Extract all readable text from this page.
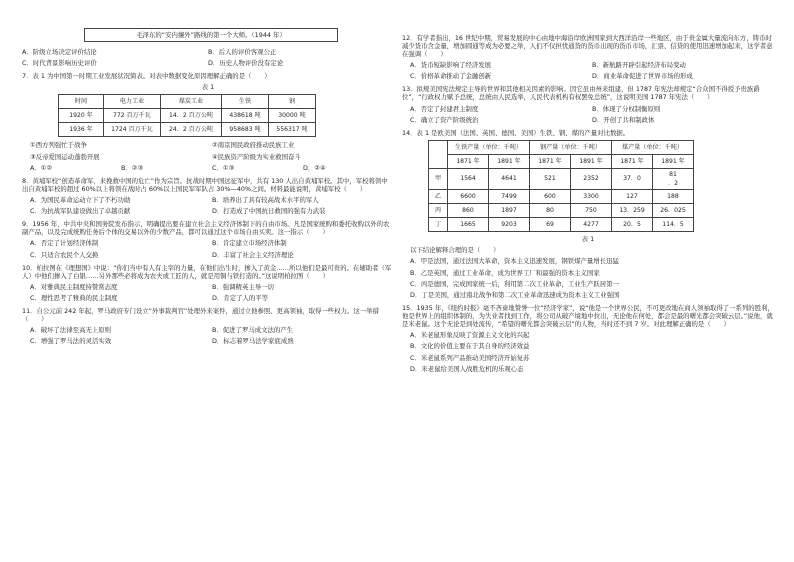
毛泽东的“安内攘外”路线的第一个大师。（1944 年）
A．阶级立场决定评价结论	B．后人的评价客观公正
C．时代背景影响历史评价	D．历史人物评价没有定论
7．表 1 为中国第一时期工业发展状况简表。对表中数据变化原因理解正确的是（　　）
表 1
时间	电力工业	煤炭工业	生铁	钢
1920 年	772 百万千瓦	14．2 百万公吨	438618 吨	30000 吨
1936 年	1724 百万千瓦	24．2 百万公吨	958683 吨	556317 吨
①西方列强忙于战争	②南京国民政府推动民族工业
③反帝爱国运动蓬勃开展	④民族资产阶级为实业救国奋斗
A．①②	B．②③	C．①③	D．②④
8．黄埔军校“创造革命军，来挽救中国的危亡”作为宗旨。抗战时期中国远征军中，共有 130 人出自黄埔军校。其中，军校将领中出自黄埔军校的超过 60%以上将领在战时占 60%以上国民军军队占 30%—40%之间。材料最能说明，黄埔军校（　　）
A．为国民革命运动立下了不朽功勋	B．培养出了具有较高战术水平的军人
C．为抗战军队建设做出了卓越贡献	D．打造成了中国抗日救国的强有力武装
9．1956 年，中共中央和国务院发布指示，明确提出要在建立社会主义经济体制下的自由市场。凡是国家统购和委托收购以外的农副产品，以及完成统购任务后个体的交易以外的少数产品，都可以通过这个市场自由买卖。这一指示（　　）
A．否定了计划经济体制	B．肯定建立市场经济体制
C．只适合农民个人交换	D．丰富了社会主义经济理论
10．柏拉图在《理想国》中说：“你们当中有人有主宰的力量，在他们出生时，掺入了黄金……所以他们是最可贵的。在辅助者（军人）中他们掺入了白银……另外那些必将成为农夫或工匠的人，就是用铜与铁打造的。”这说明柏拉图（　　）
A．对雅典民主制度持赞赏态度	B．强调精英主导一切
C．理性思考了雅典的民主制度	D．肯定了人的平等
11．自公元前 242 年起，罗马政府专门设立“外事裁判官”处理外来案件，通过立他参照、更高领袖，取得一些权力。这一举措（　　）
A．破坏了法律至高无上原则	B．促进了罗马成文法的产生
C．增强了罗马法的灵活实效	D．标志着罗马法学家底成熟
12．有学者指出，16 世纪中期，贸易发展的中心由地中海沿岸欧洲国家到大西洋沿岸一些地区，由于贵金属大量流向东方，铸币时减少货币含金量，增加圆通等成为必要之举，人们不仅担忧通货的货币出现的货币市场，汇票、信贷的使用迅速增加起来，这学者意在强调（　　）
A．货币短缺影响了经济发展	B．新航路开辟引起经济布局变动
C．价格革命推动了金融创新	D．商业革命促进了世界市场的形成
13．拟规美国宪法规定主导的世界和其他相关因素的影响。因它虽由州来组建，但 1787 年宪法却规定“合众国不得授予贵族爵位”，“行政权力赋予总统，总统由人民选举，人民代表机构有权罢免总统”，这说明美国 1787 年宪法（　　）
A．否定了封建君主制度	B．体现了分权制衡原则
C．确立了资产阶级统治	D．开创了共和制政体
14．表 1 是欧美国（法国、英国、德国、美国）生铁、钢、煤的产量对比数据。
	生铁产量（单位：千吨）		钢产量（单位：千吨）		煤产量（单位：千吨）	
	1871 年	1891 年	1871 年	1891 年	1871 年	1891 年
甲	1564	4641	521	2352	37．0	81
．2
乙	6600	7499	600	3300	127	188
丙	860	1897	80	750	13．259	26．025
丁	1665	9203	69	4277	20．5	114．5
表 1
以下结论解释合理的是（　　）
A．甲是法国，通过法国大革命，资本主义迅速发展，钢铁煤产量增长迅猛
B．乙是英国，通过工业革命，成为世界工厂和最强的资本主义国家
C．丙是德国，完成国家统一后，利用第二次工业革命，工业生产跃居第一
D．丁是美国，通过南北战争和第二次工业革命迅速成为资本主义工业强国
15．1935 年，《纽约时报》毫不吝啬地赞誉一位“经济学家”，说“他是一个世界公民，不可更改地在商人领袖取得了一系列的胜利，他是世界上的组织体制的，为失业者找到工作，将公司从破产境地中拉出，无论他在何处，都会是最的曙光都会突破云层。”说他，就是米老鼠。这个无论是到处流传，“希望的曙光都会突破云层”的人物，当时还不到 7 岁。对此理解正确的是（　　）
A．米老鼠形象反映了资源主义文化的兴起
B．文化的价值主要在于其自身的经济效益
C．米老鼠系列产品推动美国经济开始复苏
D．米老鼠给美国人战胜危机的乐观心态
